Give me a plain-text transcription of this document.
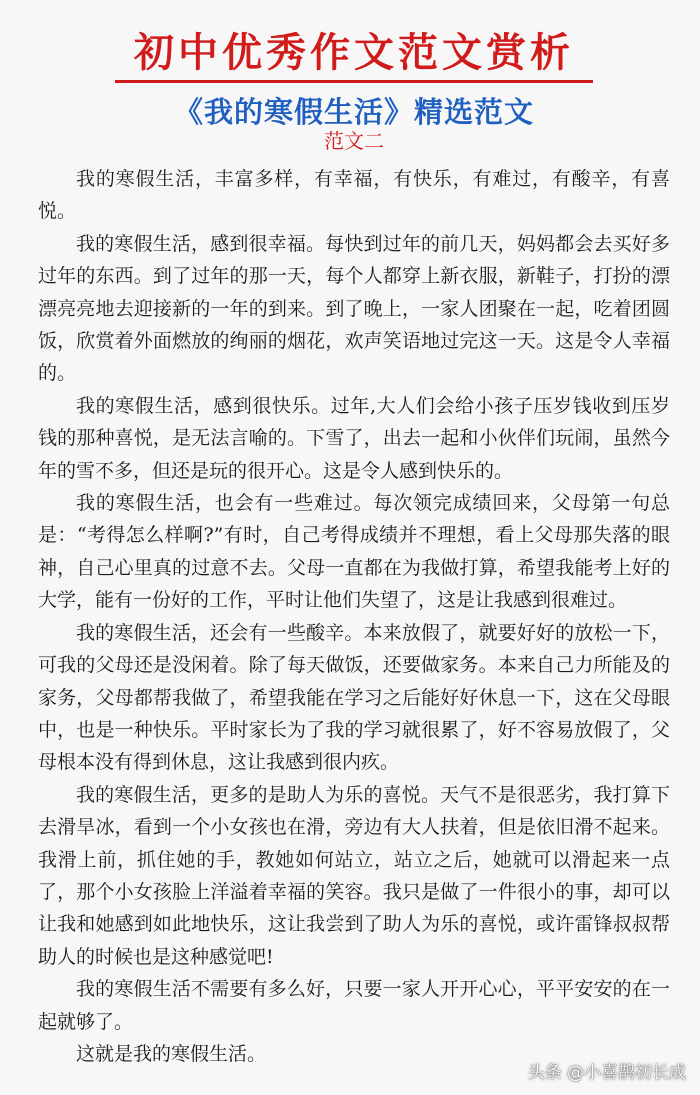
初中优秀作文范文赏析
《我的寒假生活》精选范文
范文二

我的寒假生活，丰富多样，有幸福，有快乐，有难过，有酸辛，有喜悦。

我的寒假生活，感到很幸福。每快到过年的前几天，妈妈都会去买好多过年的东西。到了过年的那一天，每个人都穿上新衣服，新鞋子，打扮的漂漂亮亮地去迎接新的一年的到来。到了晚上，一家人团聚在一起，吃着团圆饭，欣赏着外面燃放的绚丽的烟花，欢声笑语地过完这一天。这是令人幸福的。

我的寒假生活，感到很快乐。过年,大人们会给小孩子压岁钱收到压岁钱的那种喜悦，是无法言喻的。下雪了，出去一起和小伙伴们玩闹，虽然今年的雪不多，但还是玩的很开心。这是令人感到快乐的。

我的寒假生活，也会有一些难过。每次领完成绩回来，父母第一句总是：“考得怎么样啊?”有时，自己考得成绩并不理想，看上父母那失落的眼神，自己心里真的过意不去。父母一直都在为我做打算，希望我能考上好的大学，能有一份好的工作，平时让他们失望了，这是让我感到很难过。

我的寒假生活，还会有一些酸辛。本来放假了，就要好好的放松一下，可我的父母还是没闲着。除了每天做饭，还要做家务。本来自己力所能及的家务，父母都帮我做了，希望我能在学习之后能好好休息一下，这在父母眼中，也是一种快乐。平时家长为了我的学习就很累了，好不容易放假了，父母根本没有得到休息，这让我感到很内疚。

我的寒假生活，更多的是助人为乐的喜悦。天气不是很恶劣，我打算下去滑旱冰，看到一个小女孩也在滑，旁边有大人扶着，但是依旧滑不起来。我滑上前，抓住她的手，教她如何站立，站立之后，她就可以滑起来一点了，那个小女孩脸上洋溢着幸福的笑容。我只是做了一件很小的事，却可以让我和她感到如此地快乐，这让我尝到了助人为乐的喜悦，或许雷锋叔叔帮助人的时候也是这种感觉吧!

我的寒假生活不需要有多么好，只要一家人开开心心，平平安安的在一起就够了。

这就是我的寒假生活。

头条 @小喜鹊初长成
